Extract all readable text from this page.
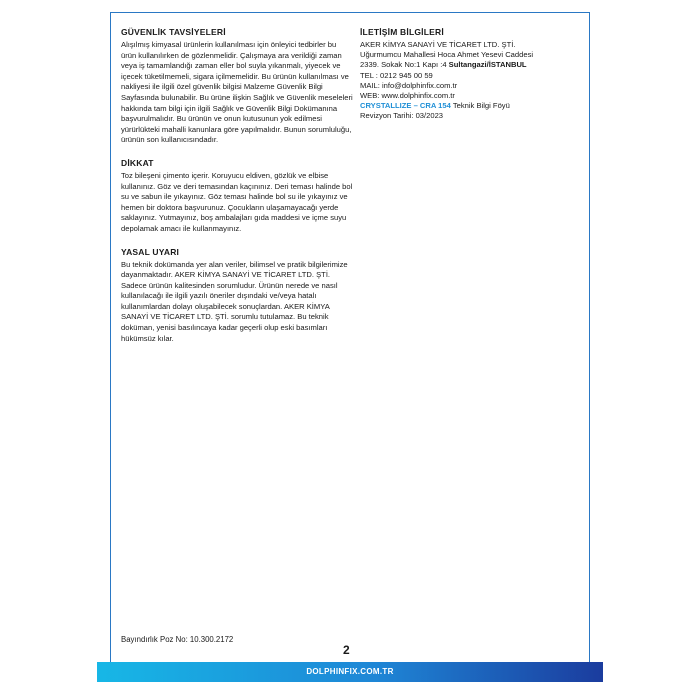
GÜVENLİK TAVSİYELERİ

Alışılmış kimyasal ürünlerin kullanılması için önleyici tedbirler bu ürün kullanılırken de gözlenmelidir. Çalışmaya ara verildiği zaman veya iş tamamlandığı zaman eller bol suyla yıkanmalı, yiyecek ve içecek tüketilmemeli, sigara içilmemelidir. Bu ürünün kullanılması ve nakliyesi ile ilgili özel güvenlik bilgisi Malzeme Güvenlik Bilgi Sayfasında bulunabilir. Bu ürüne ilişkin Sağlık ve Güvenlik meseleleri hakkında tam bilgi için ilgili Sağlık ve Güvenlik Bilgi Dokümanına başvurulmalıdır. Bu ürünün ve onun kutusunun yok edilmesi yürürlükteki mahalli kanunlara göre yapılmalıdır. Bunun sorumluluğu, ürünün son kullanıcısındadır.

DİKKAT

Toz bileşeni çimento içerir. Koruyucu eldiven, gözlük ve elbise kullanınız. Göz ve deri temasından kaçınınız. Deri teması halinde bol su ve sabun ile yıkayınız. Göz teması halinde bol su ile yıkayınız ve hemen bir doktora başvurunuz. Çocukların ulaşamayacağı yerde saklayınız. Yutmayınız, boş ambalajları gıda maddesi ve içme suyu depolamak amacı ile kullanmayınız.

YASAL UYARI

Bu teknik dokümanda yer alan veriler, bilimsel ve pratik bilgilerimize dayanmaktadır. AKER KİMYA SANAYİ VE TİCARET LTD. ŞTİ. Sadece ürünün kalitesinden sorumludur. Ürünün nerede ve nasıl kullanılacağı ile ilgili yazılı öneriler dışındaki ve/veya hatalı kullanımlardan dolayı oluşabilecek sonuçlardan. AKER KİMYA SANAYİ VE TİCARET LTD. ŞTİ. sorumlu tutulamaz. Bu teknik doküman, yenisi basılıncaya kadar geçerli olup eski basımları hükümsüz kılar.

İLETİŞİM BİLGİLERİ

AKER KİMYA SANAYİ VE TİCARET LTD. ŞTİ.

Uğurmumcu Mahallesi Hoca Ahmet Yesevi Caddesi

2339. Sokak No:1 Kapı :4 Sultangazi/İSTANBUL

TEL : 0212 945 00 59

MAIL: info@dolphinfix.com.tr

WEB: www.dolphinfix.com.tr

CRYSTALLIZE – CRA 154 Teknik Bilgi Föyü

Revizyon Tarihi: 03/2023

Bayındırlık Poz No: 10.300.2172
2
DOLPHINFIX.COM.TR
